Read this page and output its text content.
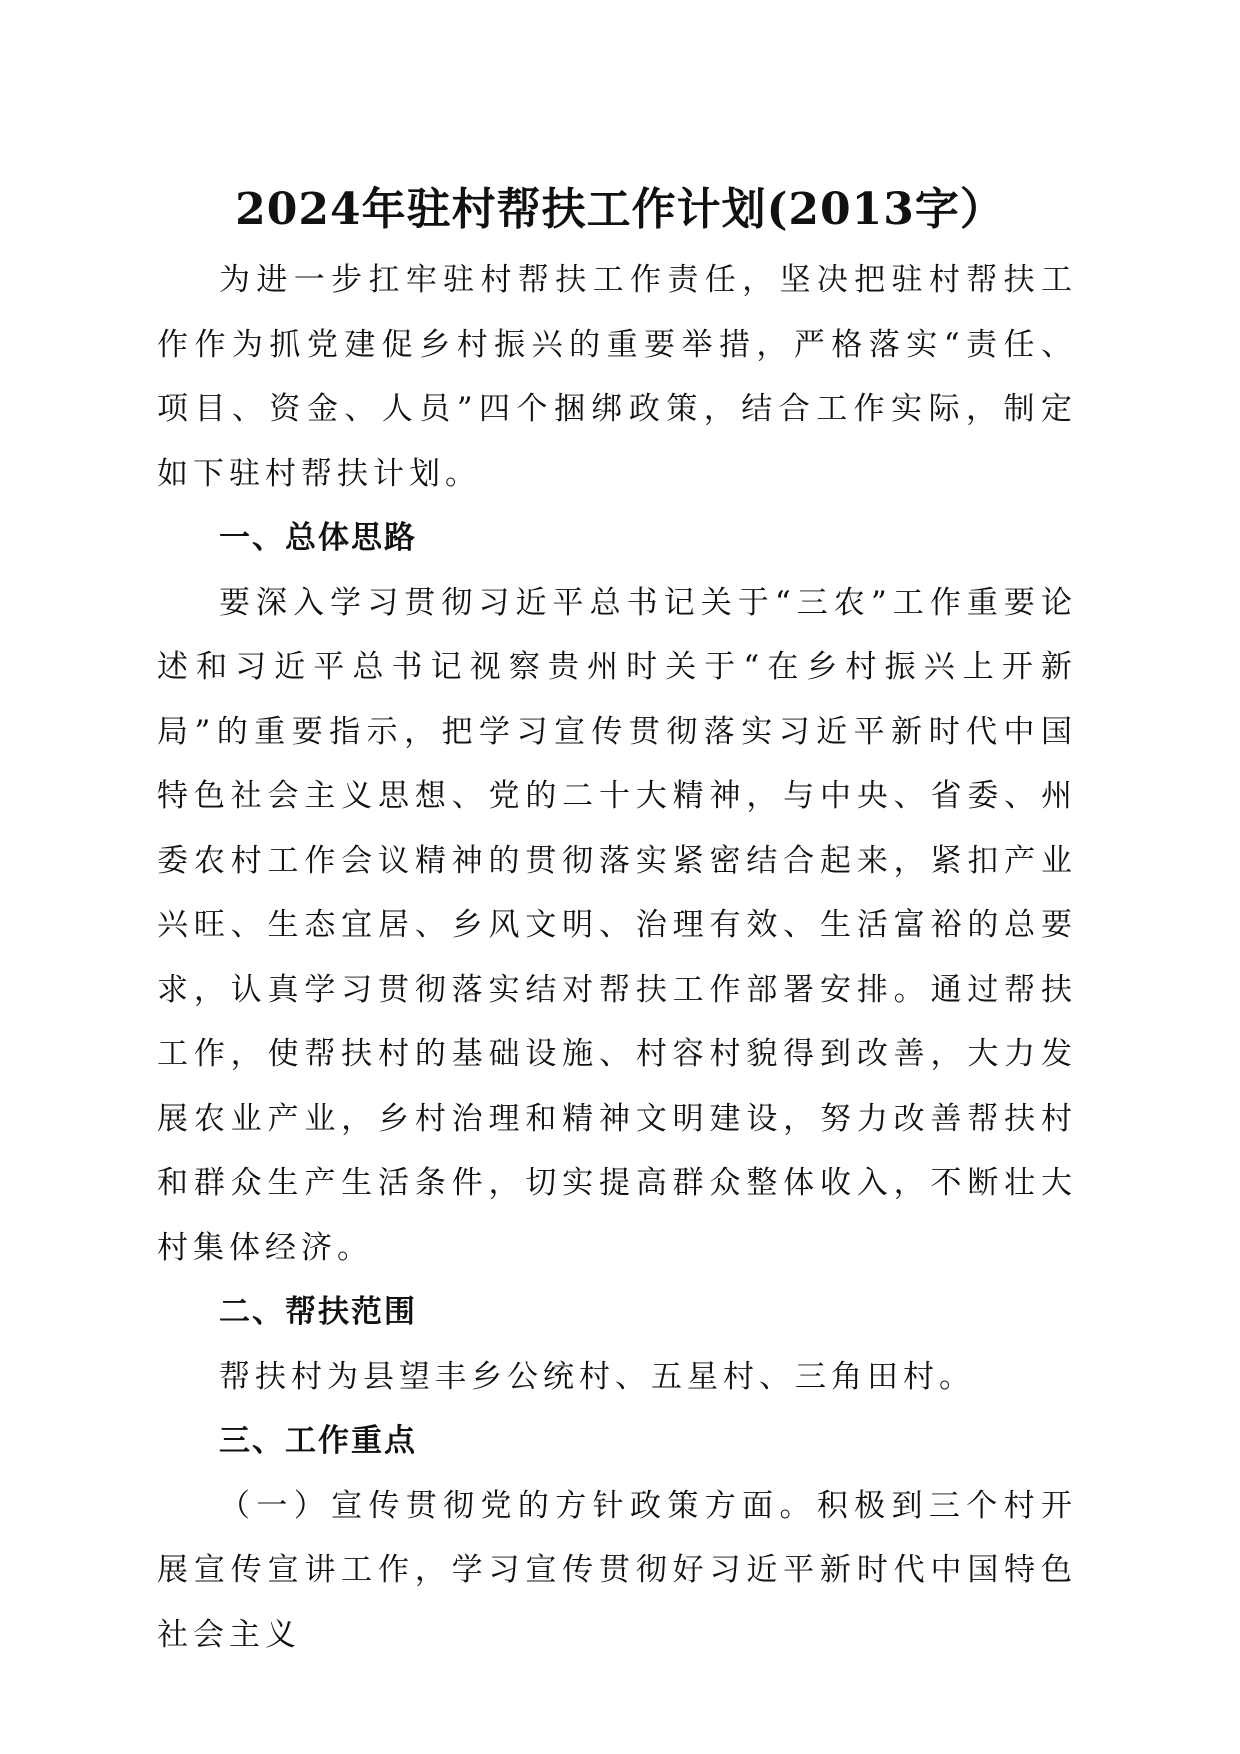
2024年驻村帮扶工作计划(2013字）

为进一步扛牢驻村帮扶工作责任，坚决把驻村帮扶工作作为抓党建促乡村振兴的重要举措，严格落实“责任、项目、资金、人员”四个捆绑政策，结合工作实际，制定如下驻村帮扶计划。

一、总体思路

要深入学习贯彻习近平总书记关于“三农”工作重要论述和习近平总书记视察贵州时关于“在乡村振兴上开新局”的重要指示，把学习宣传贯彻落实习近平新时代中国特色社会主义思想、党的二十大精神，与中央、省委、州委农村工作会议精神的贯彻落实紧密结合起来，紧扣产业兴旺、生态宜居、乡风文明、治理有效、生活富裕的总要求，认真学习贯彻落实结对帮扶工作部署安排。通过帮扶工作，使帮扶村的基础设施、村容村貌得到改善，大力发展农业产业，乡村治理和精神文明建设，努力改善帮扶村和群众生产生活条件，切实提高群众整体收入，不断壮大村集体经济。

二、帮扶范围

帮扶村为县望丰乡公统村、五星村、三角田村。

三、工作重点

（一）宣传贯彻党的方针政策方面。积极到三个村开展宣传宣讲工作，学习宣传贯彻好习近平新时代中国特色社会主义
